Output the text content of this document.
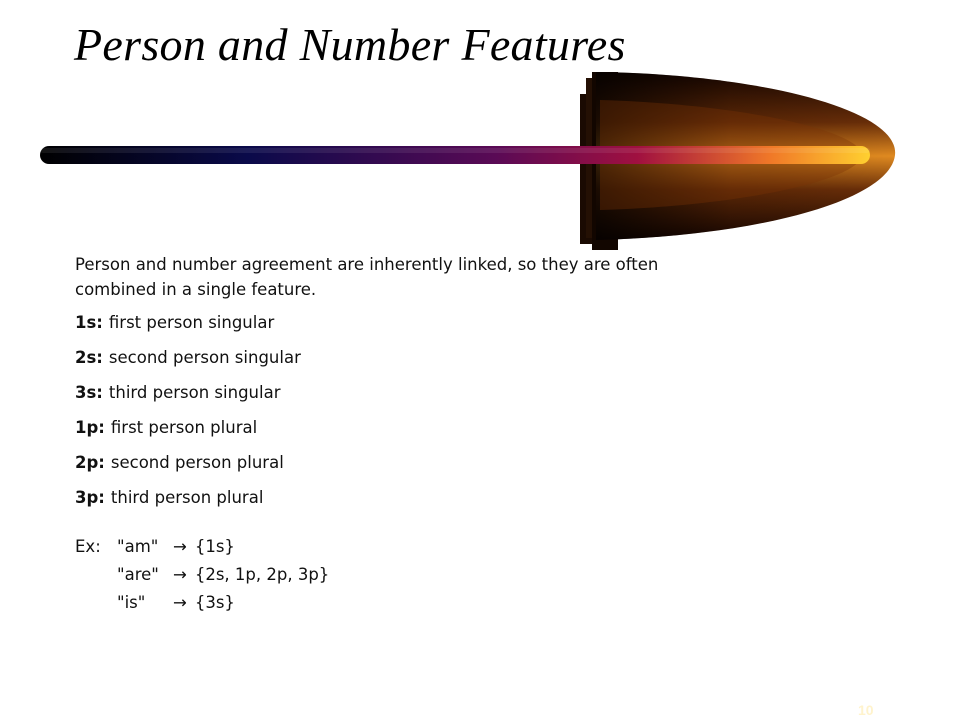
Person and Number Features

Person and number agreement are inherently linked, so they are often combined in a single feature.

1s: first person singular
2s: second person singular
3s: third person singular
1p: first person plural
2p: second person plural
3p: third person plural
Ex: "am" → {1s}
"are" → {2s, 1p, 2p, 3p}
"is" → {3s}
10
